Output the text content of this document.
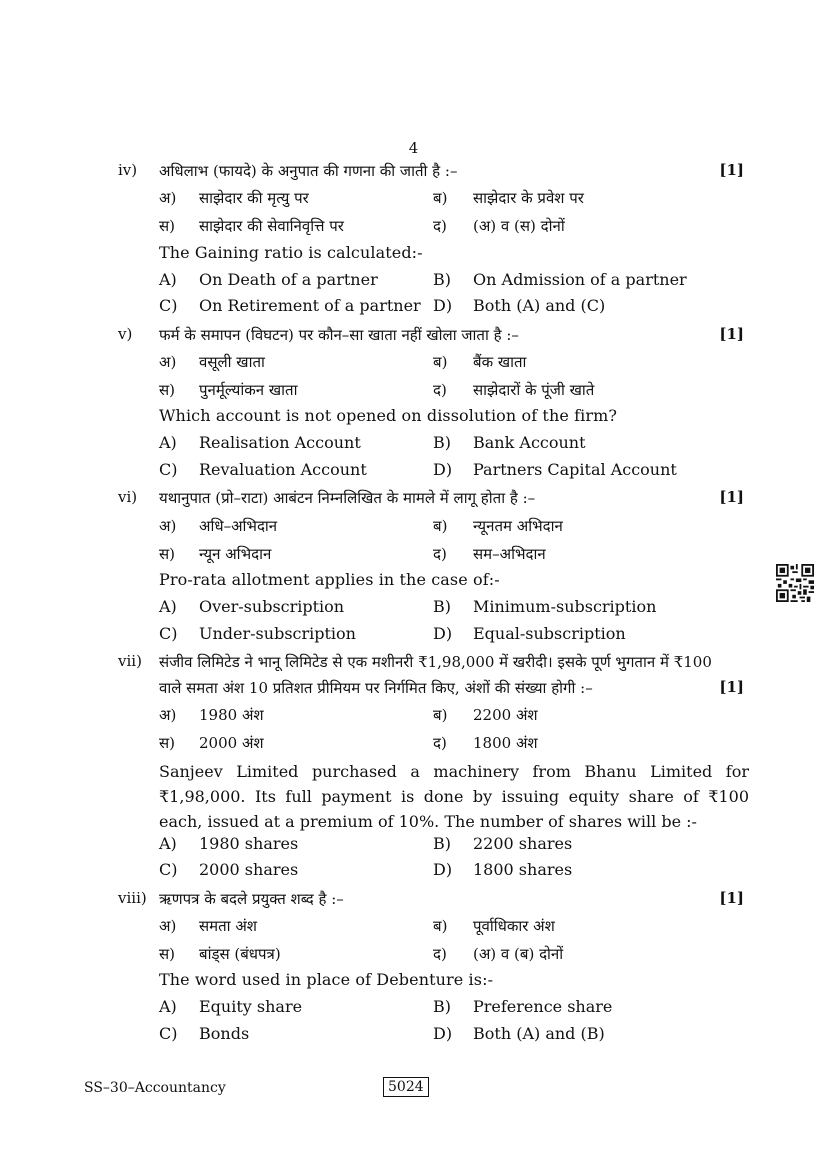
4
iv) अधिलाभ (फायदे) के अनुपात की गणना की जाती है :–	[1]
अ) साझेदार की मृत्यु पर	ब) साझेदार के प्रवेश पर
स) साझेदार की सेवानिवृत्ति पर	द) (अ) व (स) दोनों
The Gaining ratio is calculated:-
A) On Death of a partner	B) On Admission of a partner
C) On Retirement of a partner D) Both (A) and (C)
v) फर्म के समापन (विघटन) पर कौन–सा खाता नहीं खोला जाता है :–	[1]
अ) वसूली खाता	ब) बैंक खाता
स) पुनर्मूल्यांकन खाता	द) साझेदारों के पूंजी खाते
Which account is not opened on dissolution of the firm?
A) Realisation Account	B) Bank Account
C) Revaluation Account	D) Partners Capital Account
vi) यथानुपात (प्रो–राटा) आबंटन निम्नलिखित के मामले में लागू होता है :–	[1]
अ) अधि–अभिदान	ब) न्यूनतम अभिदान
स) न्यून अभिदान	द) सम–अभिदान
Pro-rata allotment applies in the case of:-
A) Over-subscription	B) Minimum-subscription
C) Under-subscription	D) Equal-subscription
vii) संजीव लिमिटेड ने भानू लिमिटेड से एक मशीनरी ₹1,98,000 में खरीदी। इसके पूर्ण भुगतान में ₹100
वाले समता अंश 10 प्रतिशत प्रीमियम पर निर्गमित किए, अंशों की संख्या होगी :–	[1]
अ) 1980 अंश	ब) 2200 अंश
स) 2000 अंश	द) 1800 अंश
Sanjeev Limited purchased a machinery from Bhanu Limited for ₹1,98,000. Its full payment is done by issuing equity share of ₹100 each, issued at a premium of 10%. The number of shares will be :-
A) 1980 shares	B) 2200 shares
C) 2000 shares	D) 1800 shares
viii) ऋणपत्र के बदले प्रयुक्त शब्द है :–	[1]
अ) समता अंश	ब) पूर्वाधिकार अंश
स) बांड्स (बंधपत्र)	द) (अ) व (ब) दोनों
The word used in place of Debenture is:-
A) Equity share	B) Preference share
C) Bonds	D) Both (A) and (B)
SS–30–Accountancy	5024
